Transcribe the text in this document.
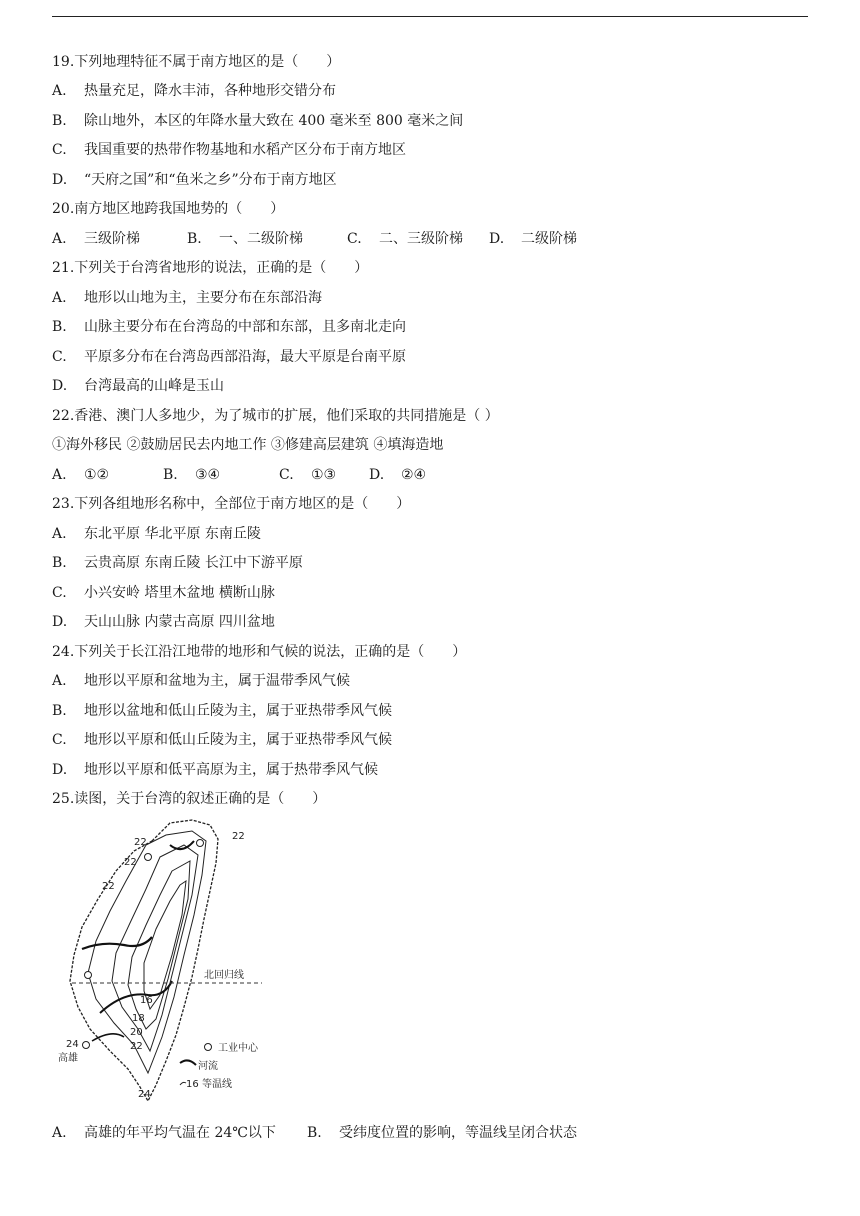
19.下列地理特征不属于南方地区的是（　　）
A. 热量充足，降水丰沛，各种地形交错分布
B. 除山地外，本区的年降水量大致在 400 毫米至 800 毫米之间
C. 我国重要的热带作物基地和水稻产区分布于南方地区
D. “天府之国”和“鱼米之乡”分布于南方地区
20.南方地区地跨我国地势的（　　）
A. 三级阶梯	B. 一、二级阶梯	C. 二、三级阶梯 D. 二级阶梯
21.下列关于台湾省地形的说法，正确的是（　　）
A. 地形以山地为主，主要分布在东部沿海
B. 山脉主要分布在台湾岛的中部和东部，且多南北走向
C. 平原多分布在台湾岛西部沿海，最大平原是台南平原
D. 台湾最高的山峰是玉山
22.香港、澳门人多地少，为了城市的扩展，他们采取的共同措施是（ ）
①海外移民 ②鼓励居民去内地工作 ③修建高层建筑 ④填海造地
A. ①②	B. ③④	C. ①③ D. ②④
23.下列各组地形名称中，全部位于南方地区的是（　　）
A. 东北平原 华北平原 东南丘陵
B. 云贵高原 东南丘陵 长江中下游平原
C. 小兴安岭 塔里木盆地 横断山脉
D. 天山山脉 内蒙古高原 四川盆地
24.下列关于长江沿江地带的地形和气候的说法，正确的是（　　）
A. 地形以平原和盆地为主，属于温带季风气候
B. 地形以盆地和低山丘陵为主，属于亚热带季风气候
C. 地形以平原和低山丘陵为主，属于亚热带季风气候
D. 地形以平原和低平高原为主，属于热带季风气候
25.读图，关于台湾的叙述正确的是（　　）
北回归线
22
22
22
22
16
18
20
22
24
24
高雄
工业中心
河流
16 等温线
A. 高雄的年平均气温在 24℃以下 B. 受纬度位置的影响，等温线呈闭合状态
